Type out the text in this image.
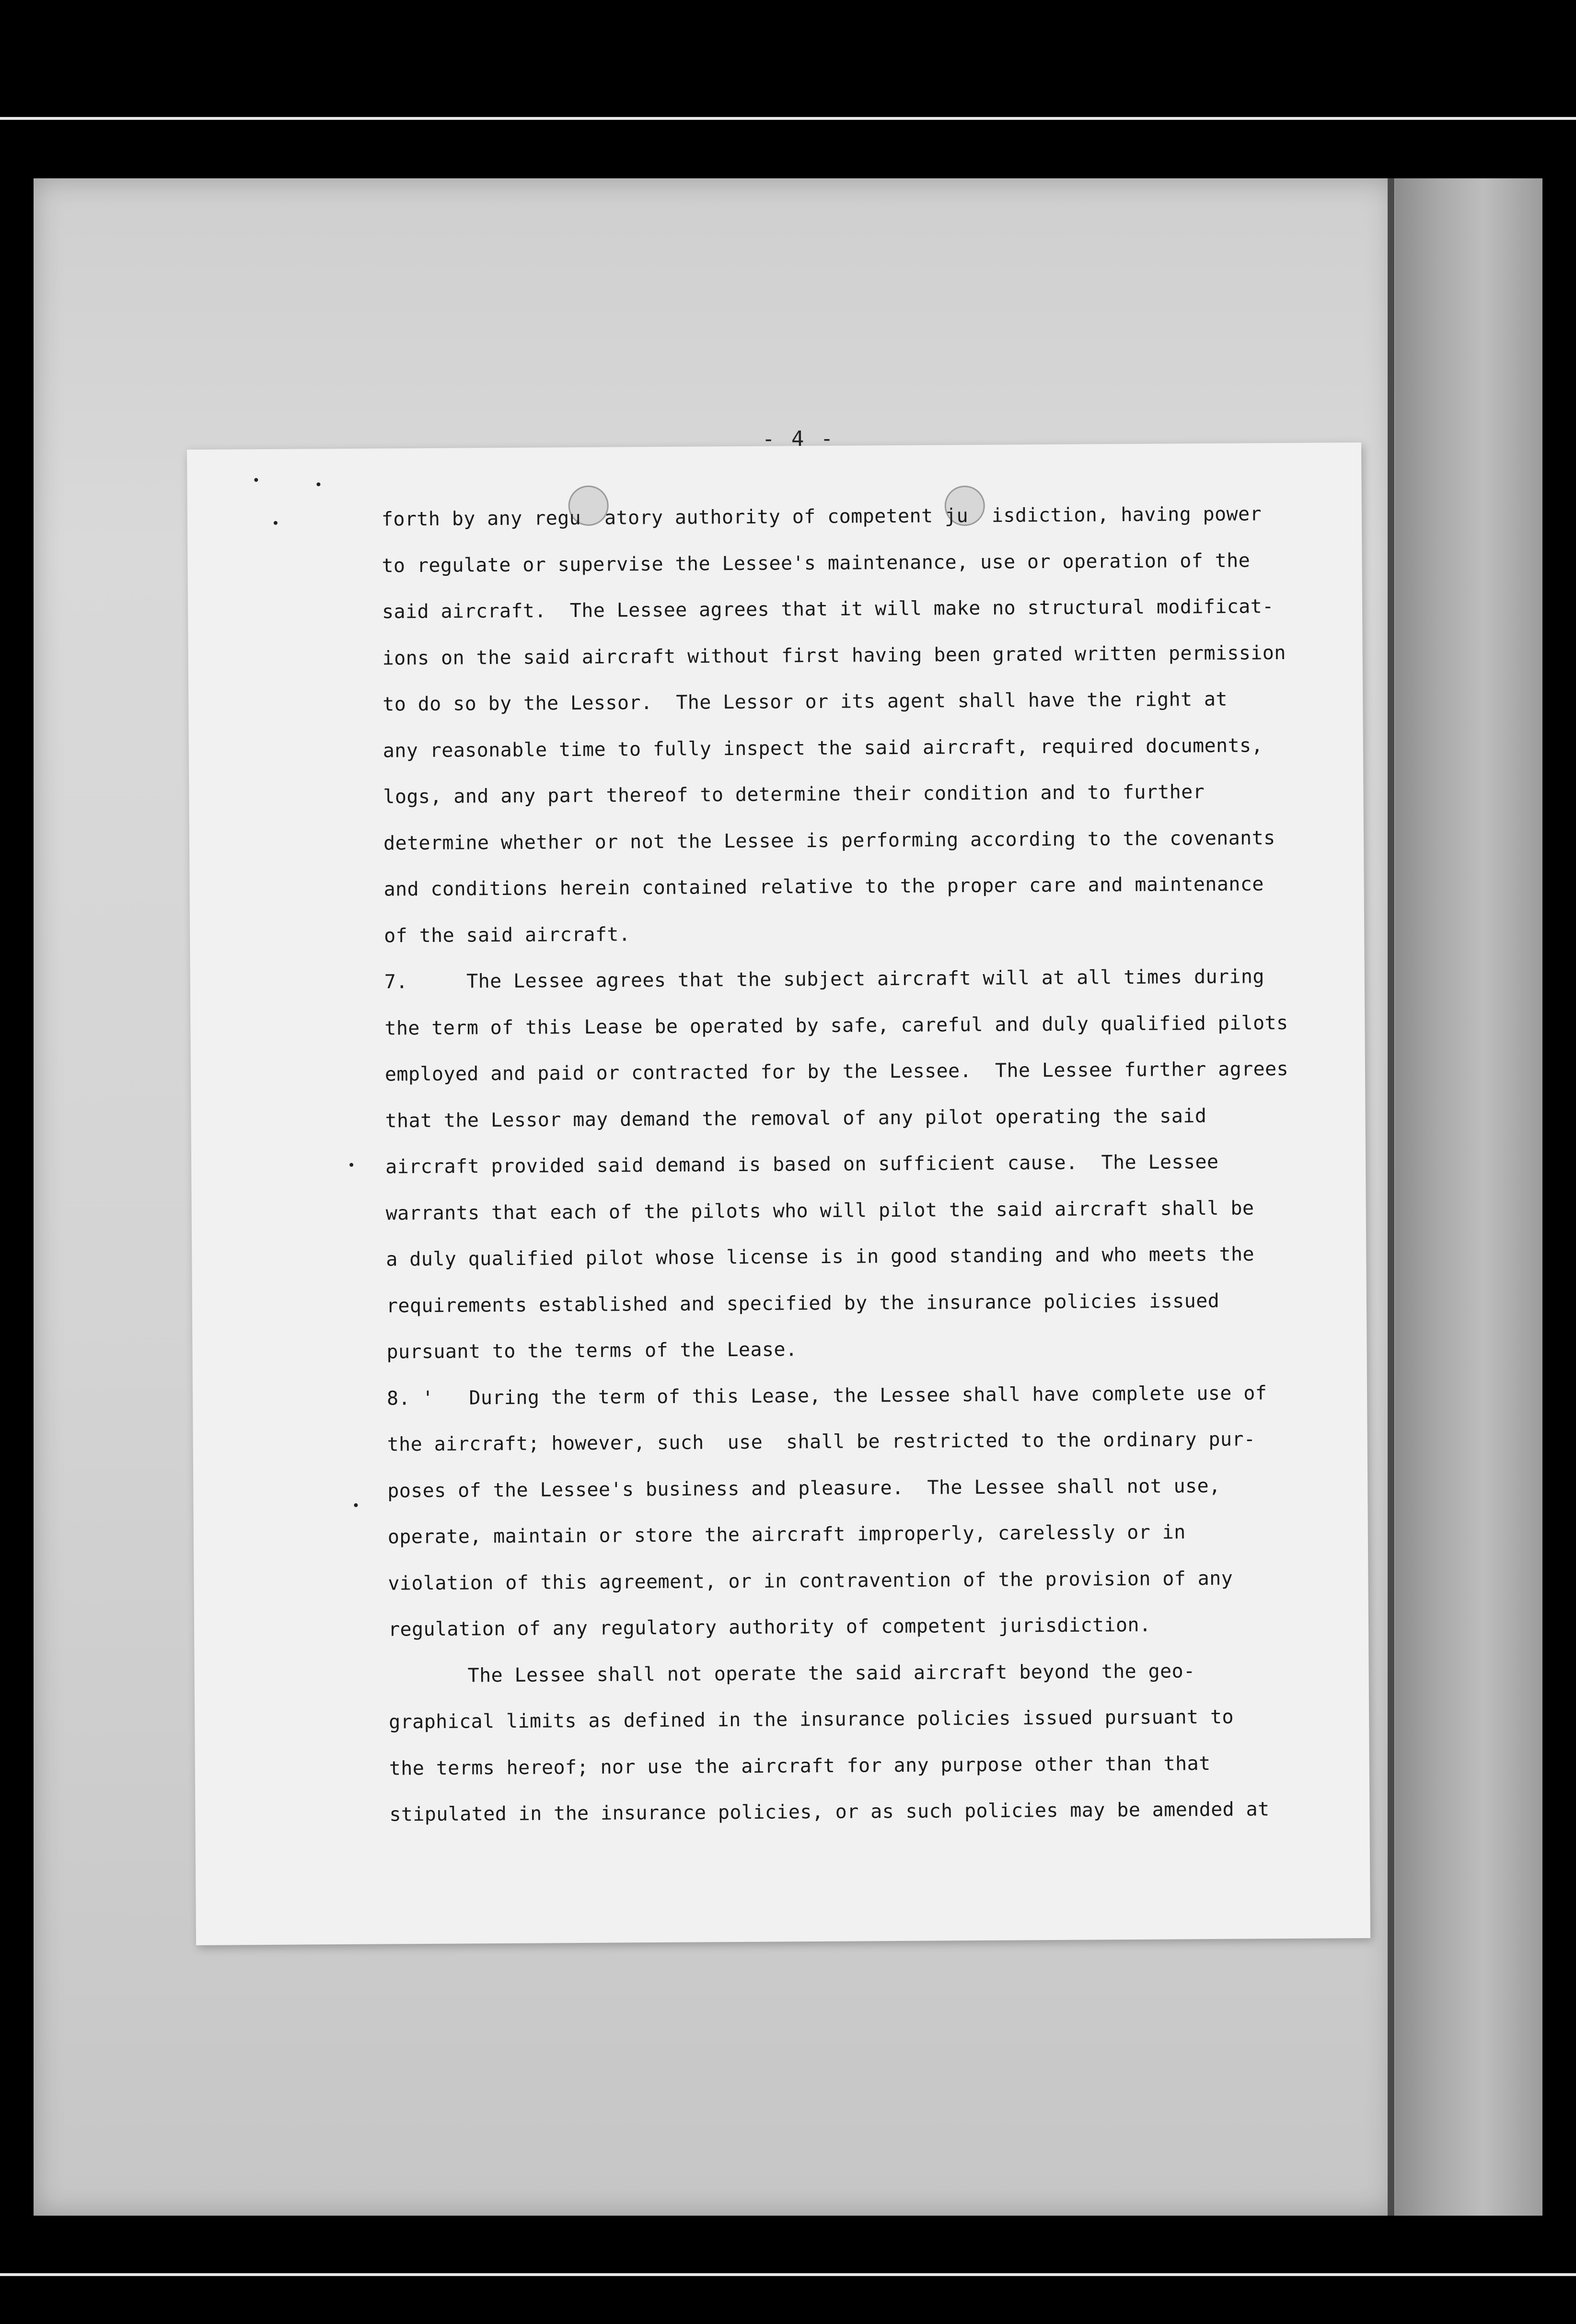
- 4 -
forth by any regu  atory authority of competent ju  isdiction, having power
to regulate or supervise the Lessee's maintenance, use or operation of the
said aircraft.  The Lessee agrees that it will make no structural modificat-
ions on the said aircraft without first having been grated written permission
to do so by the Lessor.  The Lessor or its agent shall have the right at
any reasonable time to fully inspect the said aircraft, required documents,
logs, and any part thereof to determine their condition and to further
determine whether or not the Lessee is performing according to the covenants
and conditions herein contained relative to the proper care and maintenance
of the said aircraft.
7.     The Lessee agrees that the subject aircraft will at all times during
the term of this Lease be operated by safe, careful and duly qualified pilots
employed and paid or contracted for by the Lessee.  The Lessee further agrees
that the Lessor may demand the removal of any pilot operating the said
aircraft provided said demand is based on sufficient cause.  The Lessee
warrants that each of the pilots who will pilot the said aircraft shall be
a duly qualified pilot whose license is in good standing and who meets the
requirements established and specified by the insurance policies issued
pursuant to the terms of the Lease.
8. '   During the term of this Lease, the Lessee shall have complete use of
the aircraft; however, such  use  shall be restricted to the ordinary pur-
poses of the Lessee's business and pleasure.  The Lessee shall not use,
operate, maintain or store the aircraft improperly, carelessly or in
violation of this agreement, or in contravention of the provision of any
regulation of any regulatory authority of competent jurisdiction.
The Lessee shall not operate the said aircraft beyond the geo-
graphical limits as defined in the insurance policies issued pursuant to
the terms hereof; nor use the aircraft for any purpose other than that
stipulated in the insurance policies, or as such policies may be amended at
